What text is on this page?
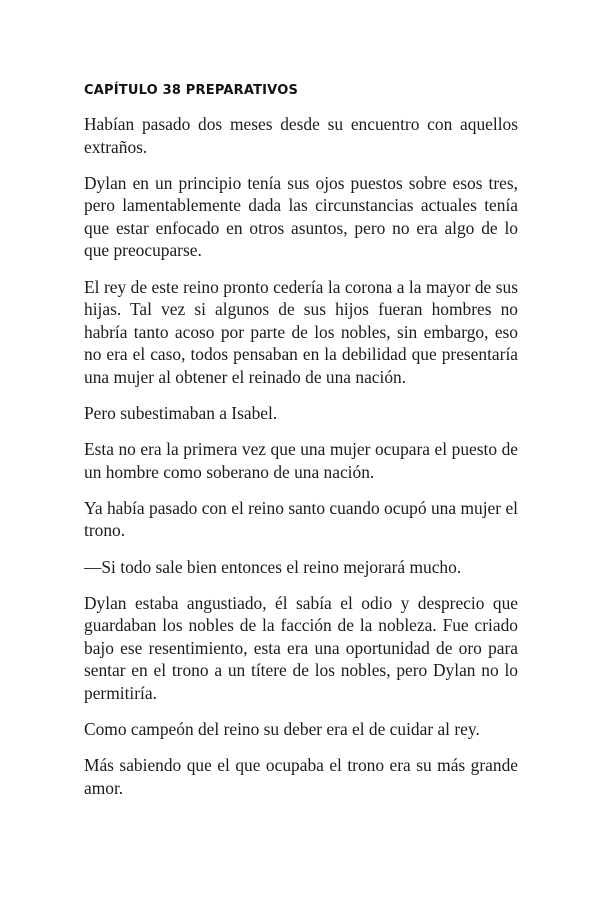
CAPÍTULO 38 PREPARATIVOS

Habían pasado dos meses desde su encuentro con aquellos extraños.

Dylan en un principio tenía sus ojos puestos sobre esos tres, pero lamentablemente dada las circunstancias actuales tenía que estar enfocado en otros asuntos, pero no era algo de lo que preocuparse.

El rey de este reino pronto cedería la corona a la mayor de sus hijas. Tal vez si algunos de sus hijos fueran hombres no habría tanto acoso por parte de los nobles, sin embargo, eso no era el caso, todos pensaban en la debilidad que presentaría una mujer al obtener el reinado de una nación.

Pero subestimaban a Isabel.

Esta no era la primera vez que una mujer ocupara el puesto de un hombre como soberano de una nación.

Ya había pasado con el reino santo cuando ocupó una mujer el trono.

—Si todo sale bien entonces el reino mejorará mucho.

Dylan estaba angustiado, él sabía el odio y desprecio que guardaban los nobles de la facción de la nobleza. Fue criado bajo ese resentimiento, esta era una oportunidad de oro para sentar en el trono a un títere de los nobles, pero Dylan no lo permitiría.

Como campeón del reino su deber era el de cuidar al rey.

Más sabiendo que el que ocupaba el trono era su más grande amor.
